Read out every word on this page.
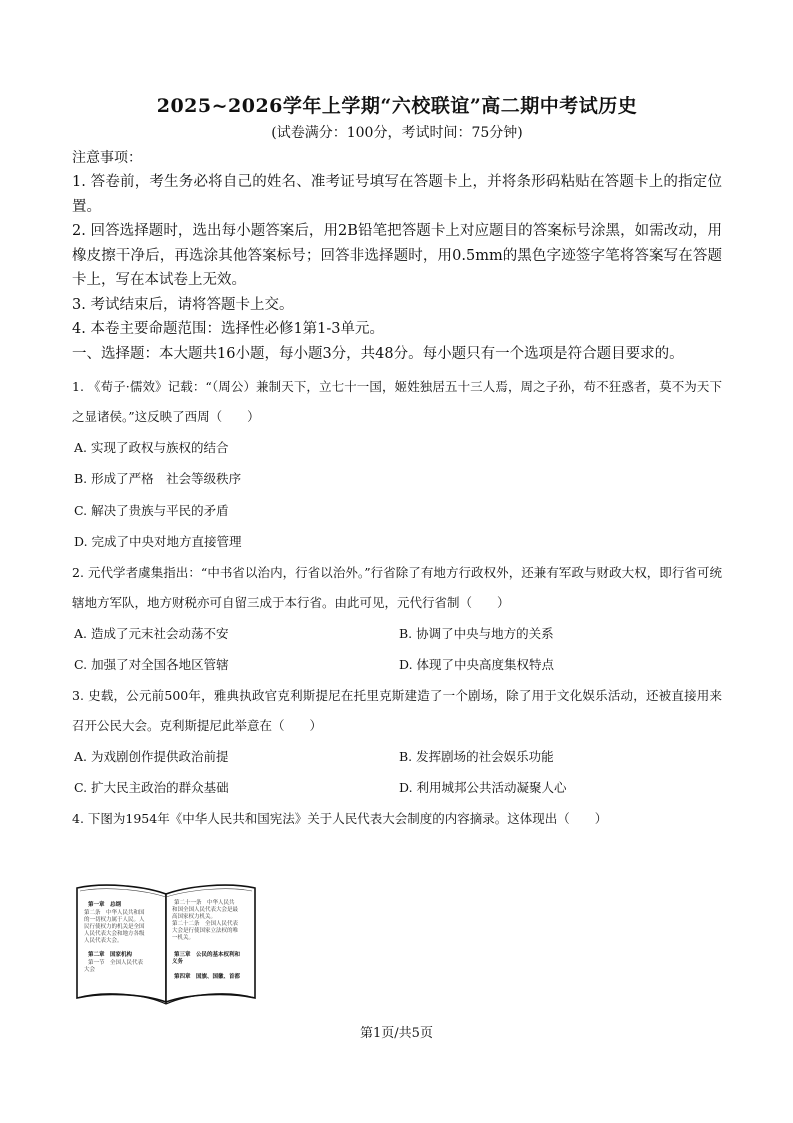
2025~2026学年上学期“六校联谊”高二期中考试历史

(试卷满分：100分，考试时间：75分钟)

注意事项：

1. 答卷前，考生务必将自己的姓名、准考证号填写在答题卡上，并将条形码粘贴在答题卡上的指定位置。

2. 回答选择题时，选出每小题答案后，用2B铅笔把答题卡上对应题目的答案标号涂黑，如需改动，用橡皮擦干净后，再选涂其他答案标号；回答非选择题时，用0.5mm的黑色字迹签字笔将答案写在答题卡上，写在本试卷上无效。

3. 考试结束后，请将答题卡上交。

4. 本卷主要命题范围：选择性必修1第1-3单元。

一、选择题：本大题共16小题，每小题3分，共48分。每小题只有一个选项是符合题目要求的。

1. 《荀子·儒效》记载：“（周公）兼制天下，立七十一国，姬姓独居五十三人焉，周之子孙，苟不狂惑者，莫不为天下之显诸侯。”这反映了西周（　　）

A. 实现了政权与族权的结合

B. 形成了严格　社会等级秩序

C. 解决了贵族与平民的矛盾

D. 完成了中央对地方直接管理

2. 元代学者虞集指出：“中书省以治内，行省以治外。”行省除了有地方行政权外，还兼有军政与财政大权，即行省可统辖地方军队，地方财税亦可自留三成于本行省。由此可见，元代行省制（　　）

A. 造成了元末社会动荡不安	B. 协调了中央与地方的关系
C. 加强了对全国各地区管辖	D. 体现了中央高度集权特点

3. 史载，公元前500年，雅典执政官克利斯提尼在托里克斯建造了一个剧场，除了用于文化娱乐活动，还被直接用来召开公民大会。克利斯提尼此举意在（　　）

A. 为戏剧创作提供政治前提	B. 发挥剧场的社会娱乐功能
C. 扩大民主政治的群众基础	D. 利用城邦公共活动凝聚人心

4. 下图为1954年《中华人民共和国宪法》关于人民代表大会制度的内容摘录。这体现出（　　）

第一章　总纲
第二条　中华人民共和国
的一切权力属于人民。人
民行使权力的机关是全国
人民代表大会和地方各级
人民代表大会。
第二章　国家机构
第一节　全国人民代表
大会
第二十一条　中华人民共
和国全国人民代表大会是最
高国家权力机关。
第二十二条　全国人民代表
大会是行使国家立法权的唯
一机关。
第三章　公民的基本权利和
义务
第四章　国旗、国徽、首都
第1页/共5页
